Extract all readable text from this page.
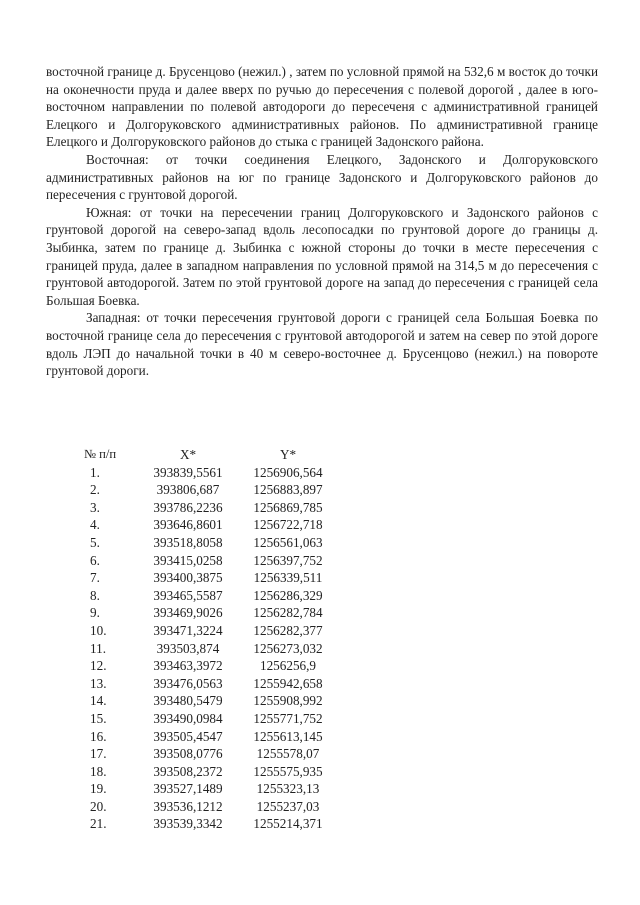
восточной границе д. Брусенцово (нежил.) , затем по условной прямой на 532,6 м восток до точки на оконечности пруда и далее вверх по ручью до пересечения с полевой дорогой , далее в юго-восточном направлении по полевой автодороги до пересеченя с административной границей Елецкого и Долгоруковского административных районов. По административной границе Елецкого и Долгоруковского районов до стыка с границей Задонского района.

Восточная: от точки соединения Елецкого, Задонского и Долгоруковского административных районов на юг по границе Задонского и Долгоруковского районов до пересечения с грунтовой дорогой.

Южная: от точки на пересечении границ Долгоруковского и Задонского районов с грунтовой дорогой на северо-запад вдоль лесопосадки по грунтовой дороге до границы д. Зыбинка, затем по границе д. Зыбинка с южной стороны до точки в месте пересечения с границей пруда, далее в западном направления по условной прямой на 314,5 м до пересечения с грунтовой автодорогой. Затем по этой грунтовой дороге на запад до пересечения с границей села Большая Боевка.

Западная: от точки пересечения грунтовой дороги с границей села Большая Боевка по восточной границе села до пересечения с грунтовой автодорогой и затем на север по этой дороге вдоль ЛЭП до начальной точки в 40 м северо-восточнее д. Брусенцово (нежил.) на повороте грунтовой дороги.

№ п/п	X*	Y*
1.	393839,5561	1256906,564
2.	393806,687	1256883,897
3.	393786,2236	1256869,785
4.	393646,8601	1256722,718
5.	393518,8058	1256561,063
6.	393415,0258	1256397,752
7.	393400,3875	1256339,511
8.	393465,5587	1256286,329
9.	393469,9026	1256282,784
10.	393471,3224	1256282,377
11.	393503,874	1256273,032
12.	393463,3972	1256256,9
13.	393476,0563	1255942,658
14.	393480,5479	1255908,992
15.	393490,0984	1255771,752
16.	393505,4547	1255613,145
17.	393508,0776	1255578,07
18.	393508,2372	1255575,935
19.	393527,1489	1255323,13
20.	393536,1212	1255237,03
21.	393539,3342	1255214,371
